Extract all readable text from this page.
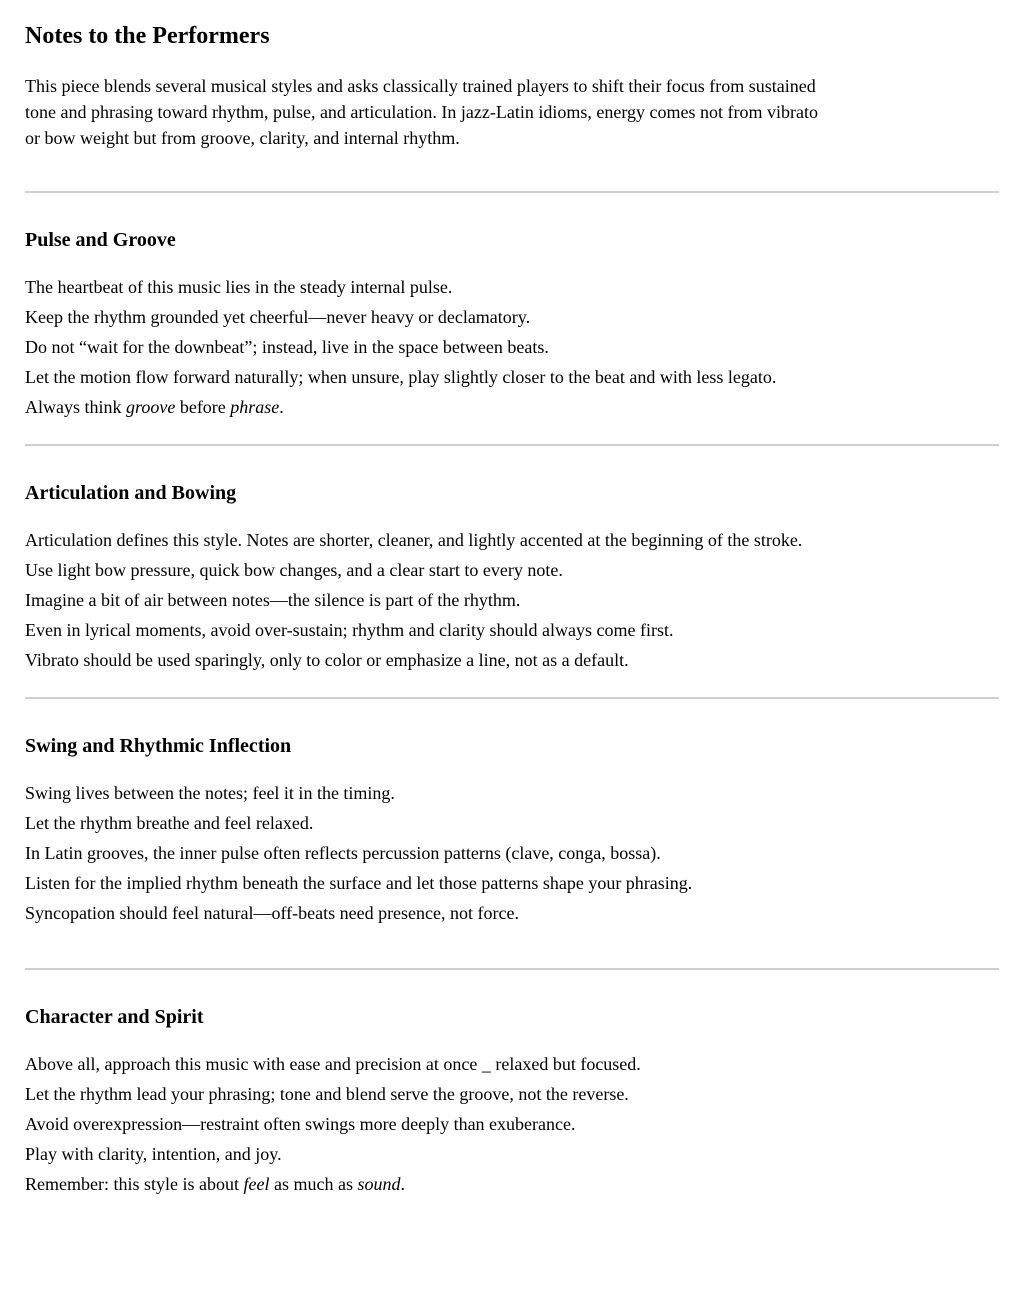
Notes to the Performers
This piece blends several musical styles and asks classically trained players to shift their focus from sustained
tone and phrasing toward rhythm, pulse, and articulation. In jazz-Latin idioms, energy comes not from vibrato
or bow weight but from groove, clarity, and internal rhythm.
Pulse and Groove
The heartbeat of this music lies in the steady internal pulse.
Keep the rhythm grounded yet cheerful—never heavy or declamatory.
Do not “wait for the downbeat”; instead, live in the space between beats.
Let the motion flow forward naturally; when unsure, play slightly closer to the beat and with less legato.
Always think groove before phrase.
Articulation and Bowing
Articulation defines this style. Notes are shorter, cleaner, and lightly accented at the beginning of the stroke.
Use light bow pressure, quick bow changes, and a clear start to every note.
Imagine a bit of air between notes—the silence is part of the rhythm.
Even in lyrical moments, avoid over-sustain; rhythm and clarity should always come first.
Vibrato should be used sparingly, only to color or emphasize a line, not as a default.
Swing and Rhythmic Inflection
Swing lives between the notes; feel it in the timing.
Let the rhythm breathe and feel relaxed.
In Latin grooves, the inner pulse often reflects percussion patterns (clave, conga, bossa).
Listen for the implied rhythm beneath the surface and let those patterns shape your phrasing.
Syncopation should feel natural—off-beats need presence, not force.
Character and Spirit
Above all, approach this music with ease and precision at once _ relaxed but focused.
Let the rhythm lead your phrasing; tone and blend serve the groove, not the reverse.
Avoid overexpression—restraint often swings more deeply than exuberance.
Play with clarity, intention, and joy.
Remember: this style is about feel as much as sound.
